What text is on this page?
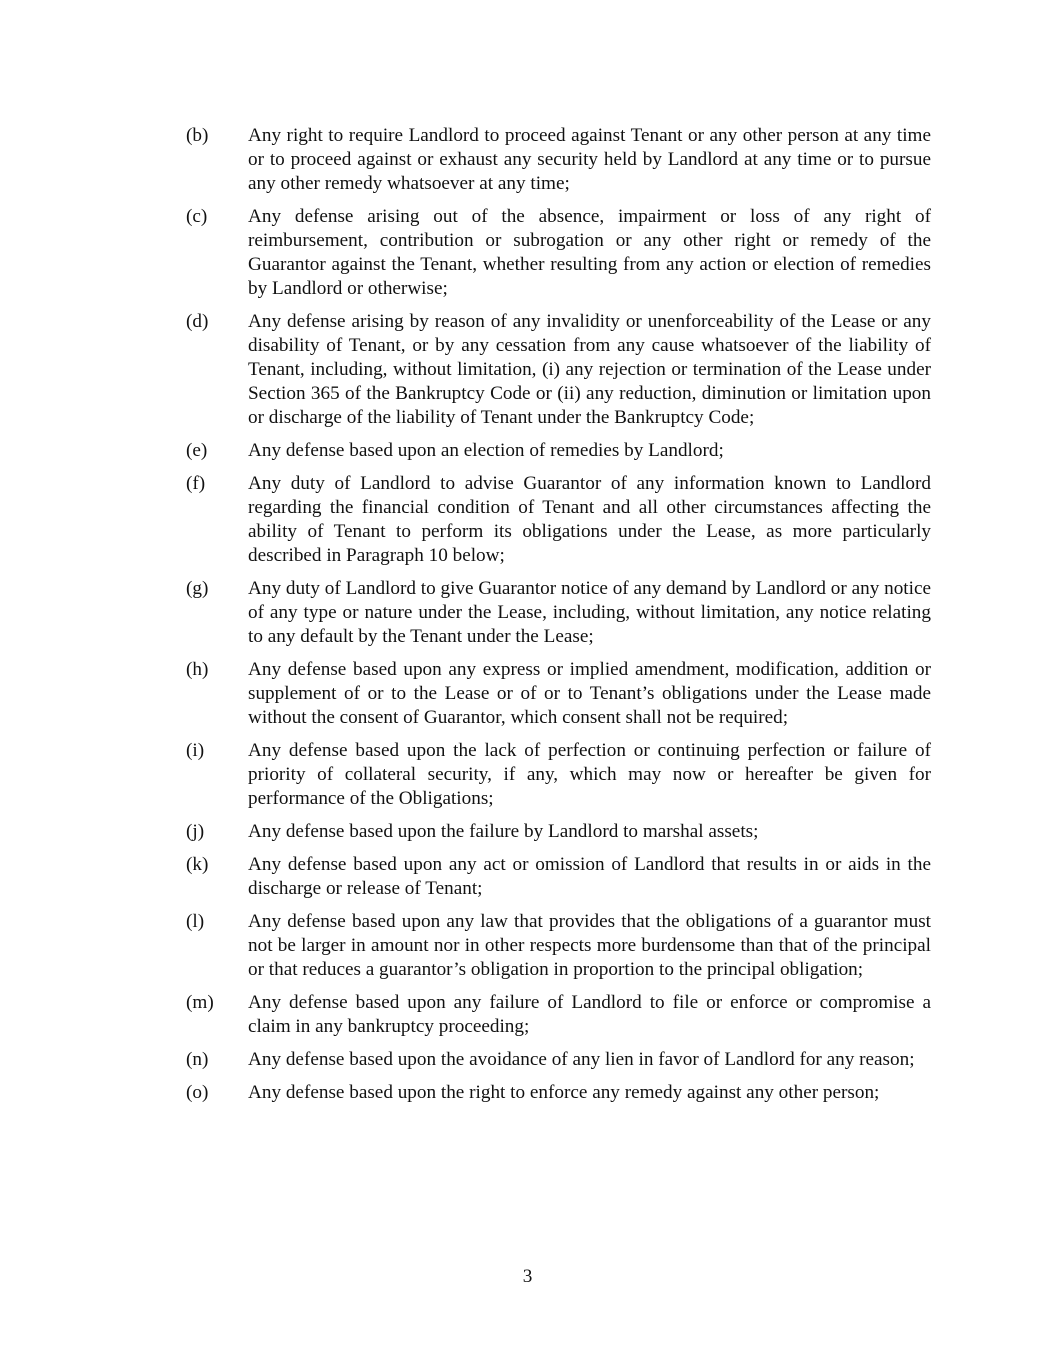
(b)	Any right to require Landlord to proceed against Tenant or any other person at any time or to proceed against or exhaust any security held by Landlord at any time or to pursue any other remedy whatsoever at any time;
(c)	Any defense arising out of the absence, impairment or loss of any right of reimbursement, contribution or subrogation or any other right or remedy of the Guarantor against the Tenant, whether resulting from any action or election of remedies by Landlord or otherwise;
(d)	Any defense arising by reason of any invalidity or unenforceability of the Lease or any disability of Tenant, or by any cessation from any cause whatsoever of the liability of Tenant, including, without limitation, (i) any rejection or termination of the Lease under Section 365 of the Bankruptcy Code or (ii) any reduction, diminution or limitation upon or discharge of the liability of Tenant under the Bankruptcy Code;
(e)	Any defense based upon an election of remedies by Landlord;
(f)	Any duty of Landlord to advise Guarantor of any information known to Landlord regarding the financial condition of Tenant and all other circumstances affecting the ability of Tenant to perform its obligations under the Lease, as more particularly described in Paragraph 10 below;
(g)	Any duty of Landlord to give Guarantor notice of any demand by Landlord or any notice of any type or nature under the Lease, including, without limitation, any notice relating to any default by the Tenant under the Lease;
(h)	Any defense based upon any express or implied amendment, modification, addition or supplement of or to the Lease or of or to Tenant’s obligations under the Lease made without the consent of Guarantor, which consent shall not be required;
(i)	Any defense based upon the lack of perfection or continuing perfection or failure of priority of collateral security, if any, which may now or hereafter be given for performance of the Obligations;
(j)	Any defense based upon the failure by Landlord to marshal assets;
(k)	Any defense based upon any act or omission of Landlord that results in or aids in the discharge or release of Tenant;
(l)	Any defense based upon any law that provides that the obligations of a guarantor must not be larger in amount nor in other respects more burdensome than that of the principal or that reduces a guarantor’s obligation in proportion to the principal obligation;
(m)	Any defense based upon any failure of Landlord to file or enforce or compromise a claim in any bankruptcy proceeding;
(n)	Any defense based upon the avoidance of any lien in favor of Landlord for any reason;
(o)	Any defense based upon the right to enforce any remedy against any other person;
3
